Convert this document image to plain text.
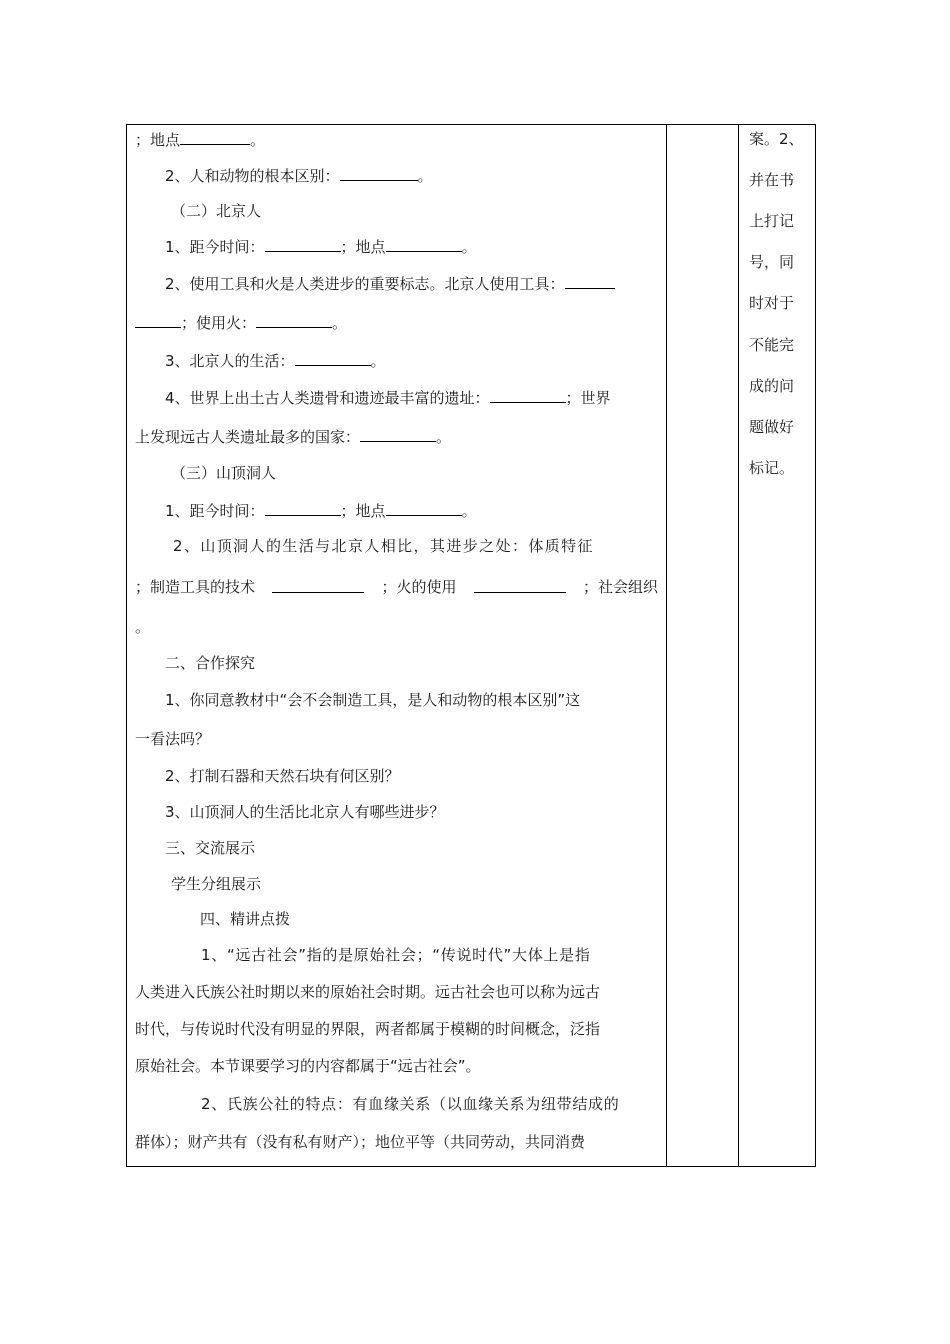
；地点	。
2、人和动物的根本区别：	。
（二）北京人
1、距今时间：	；地点	。
2、使用工具和火是人类进步的重要标志。北京人使用工具：
；使用火：	。
3、北京人的生活：	。
4、世界上出土古人类遗骨和遗迹最丰富的遗址：	；世界
上发现远古人类遗址最多的国家：	。
（三）山顶洞人
1、距今时间：	；地点	。
2、山顶洞人的生活与北京人相比，其进步之处：体质特征
；制造工具的技术	；火的使用	；社会组织
。
二、合作探究
1、你同意教材中“会不会制造工具，是人和动物的根本区别”这
一看法吗？
2、打制石器和天然石块有何区别？
3、山顶洞人的生活比北京人有哪些进步？
三、交流展示
学生分组展示
四、精讲点拨
1、“远古社会”指的是原始社会；“传说时代”大体上是指
人类进入氏族公社时期以来的原始社会时期。远古社会也可以称为远古
时代，与传说时代没有明显的界限，两者都属于模糊的时间概念，泛指
原始社会。本节课要学习的内容都属于“远古社会”。
2、氏族公社的特点：有血缘关系（以血缘关系为纽带结成的
群体）；财产共有（没有私有财产）；地位平等（共同劳动，共同消费
案。2、
并在书
上打记
号，同
时对于
不能完
成的问
题做好
标记。
